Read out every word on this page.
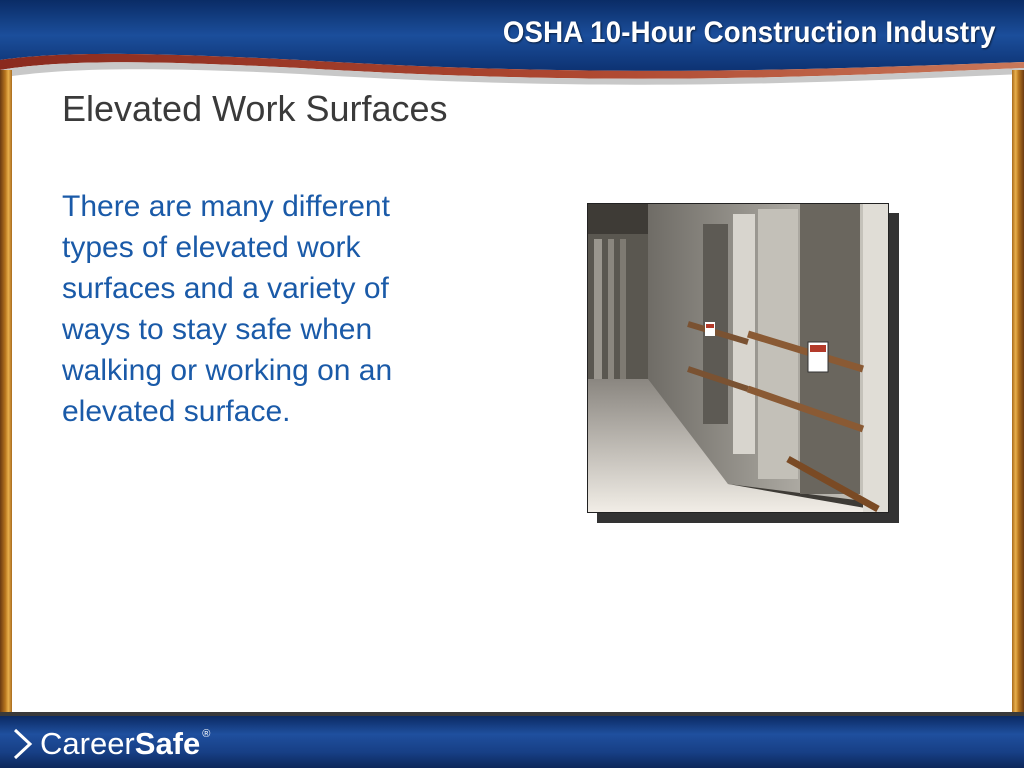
OSHA 10-Hour Construction Industry
Elevated Work Surfaces
There are many different types of elevated work surfaces and a variety of ways to stay safe when walking or working on an elevated surface.
Career Safe ®
